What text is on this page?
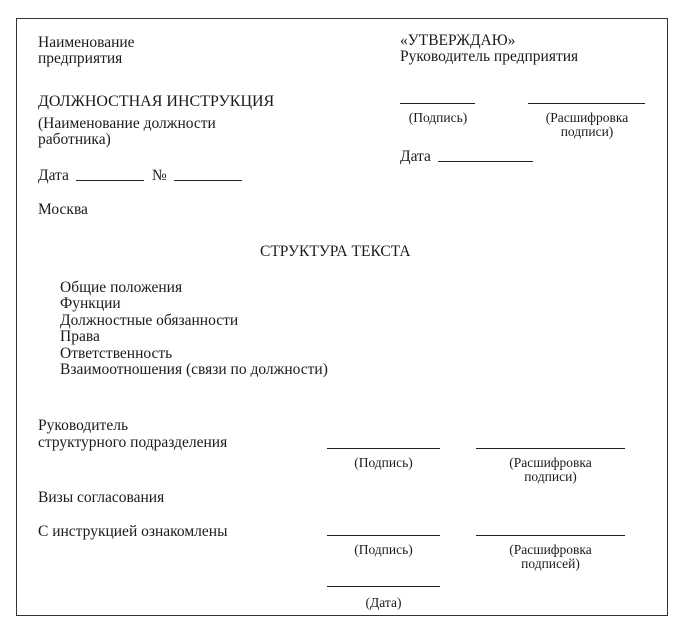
Наименование
предприятия
ДОЛЖНОСТНАЯ ИНСТРУКЦИЯ
(Наименование должности
работника)
Дата	№
Москва
«УТВЕРЖДАЮ»
Руководитель предприятия
(Подпись)	(Расшифровка
подписи)
Дата
СТРУКТУРА ТЕКСТА
Общие положения
Функции
Должностные обязанности
Права
Ответственность
Взаимоотношения (связи по должности)
Руководитель
структурного подразделения
(Подпись)	(Расшифровка
подписи)
Визы согласования
С инструкцией ознакомлены
(Подпись)	(Расшифровка
подписей)
(Дата)
